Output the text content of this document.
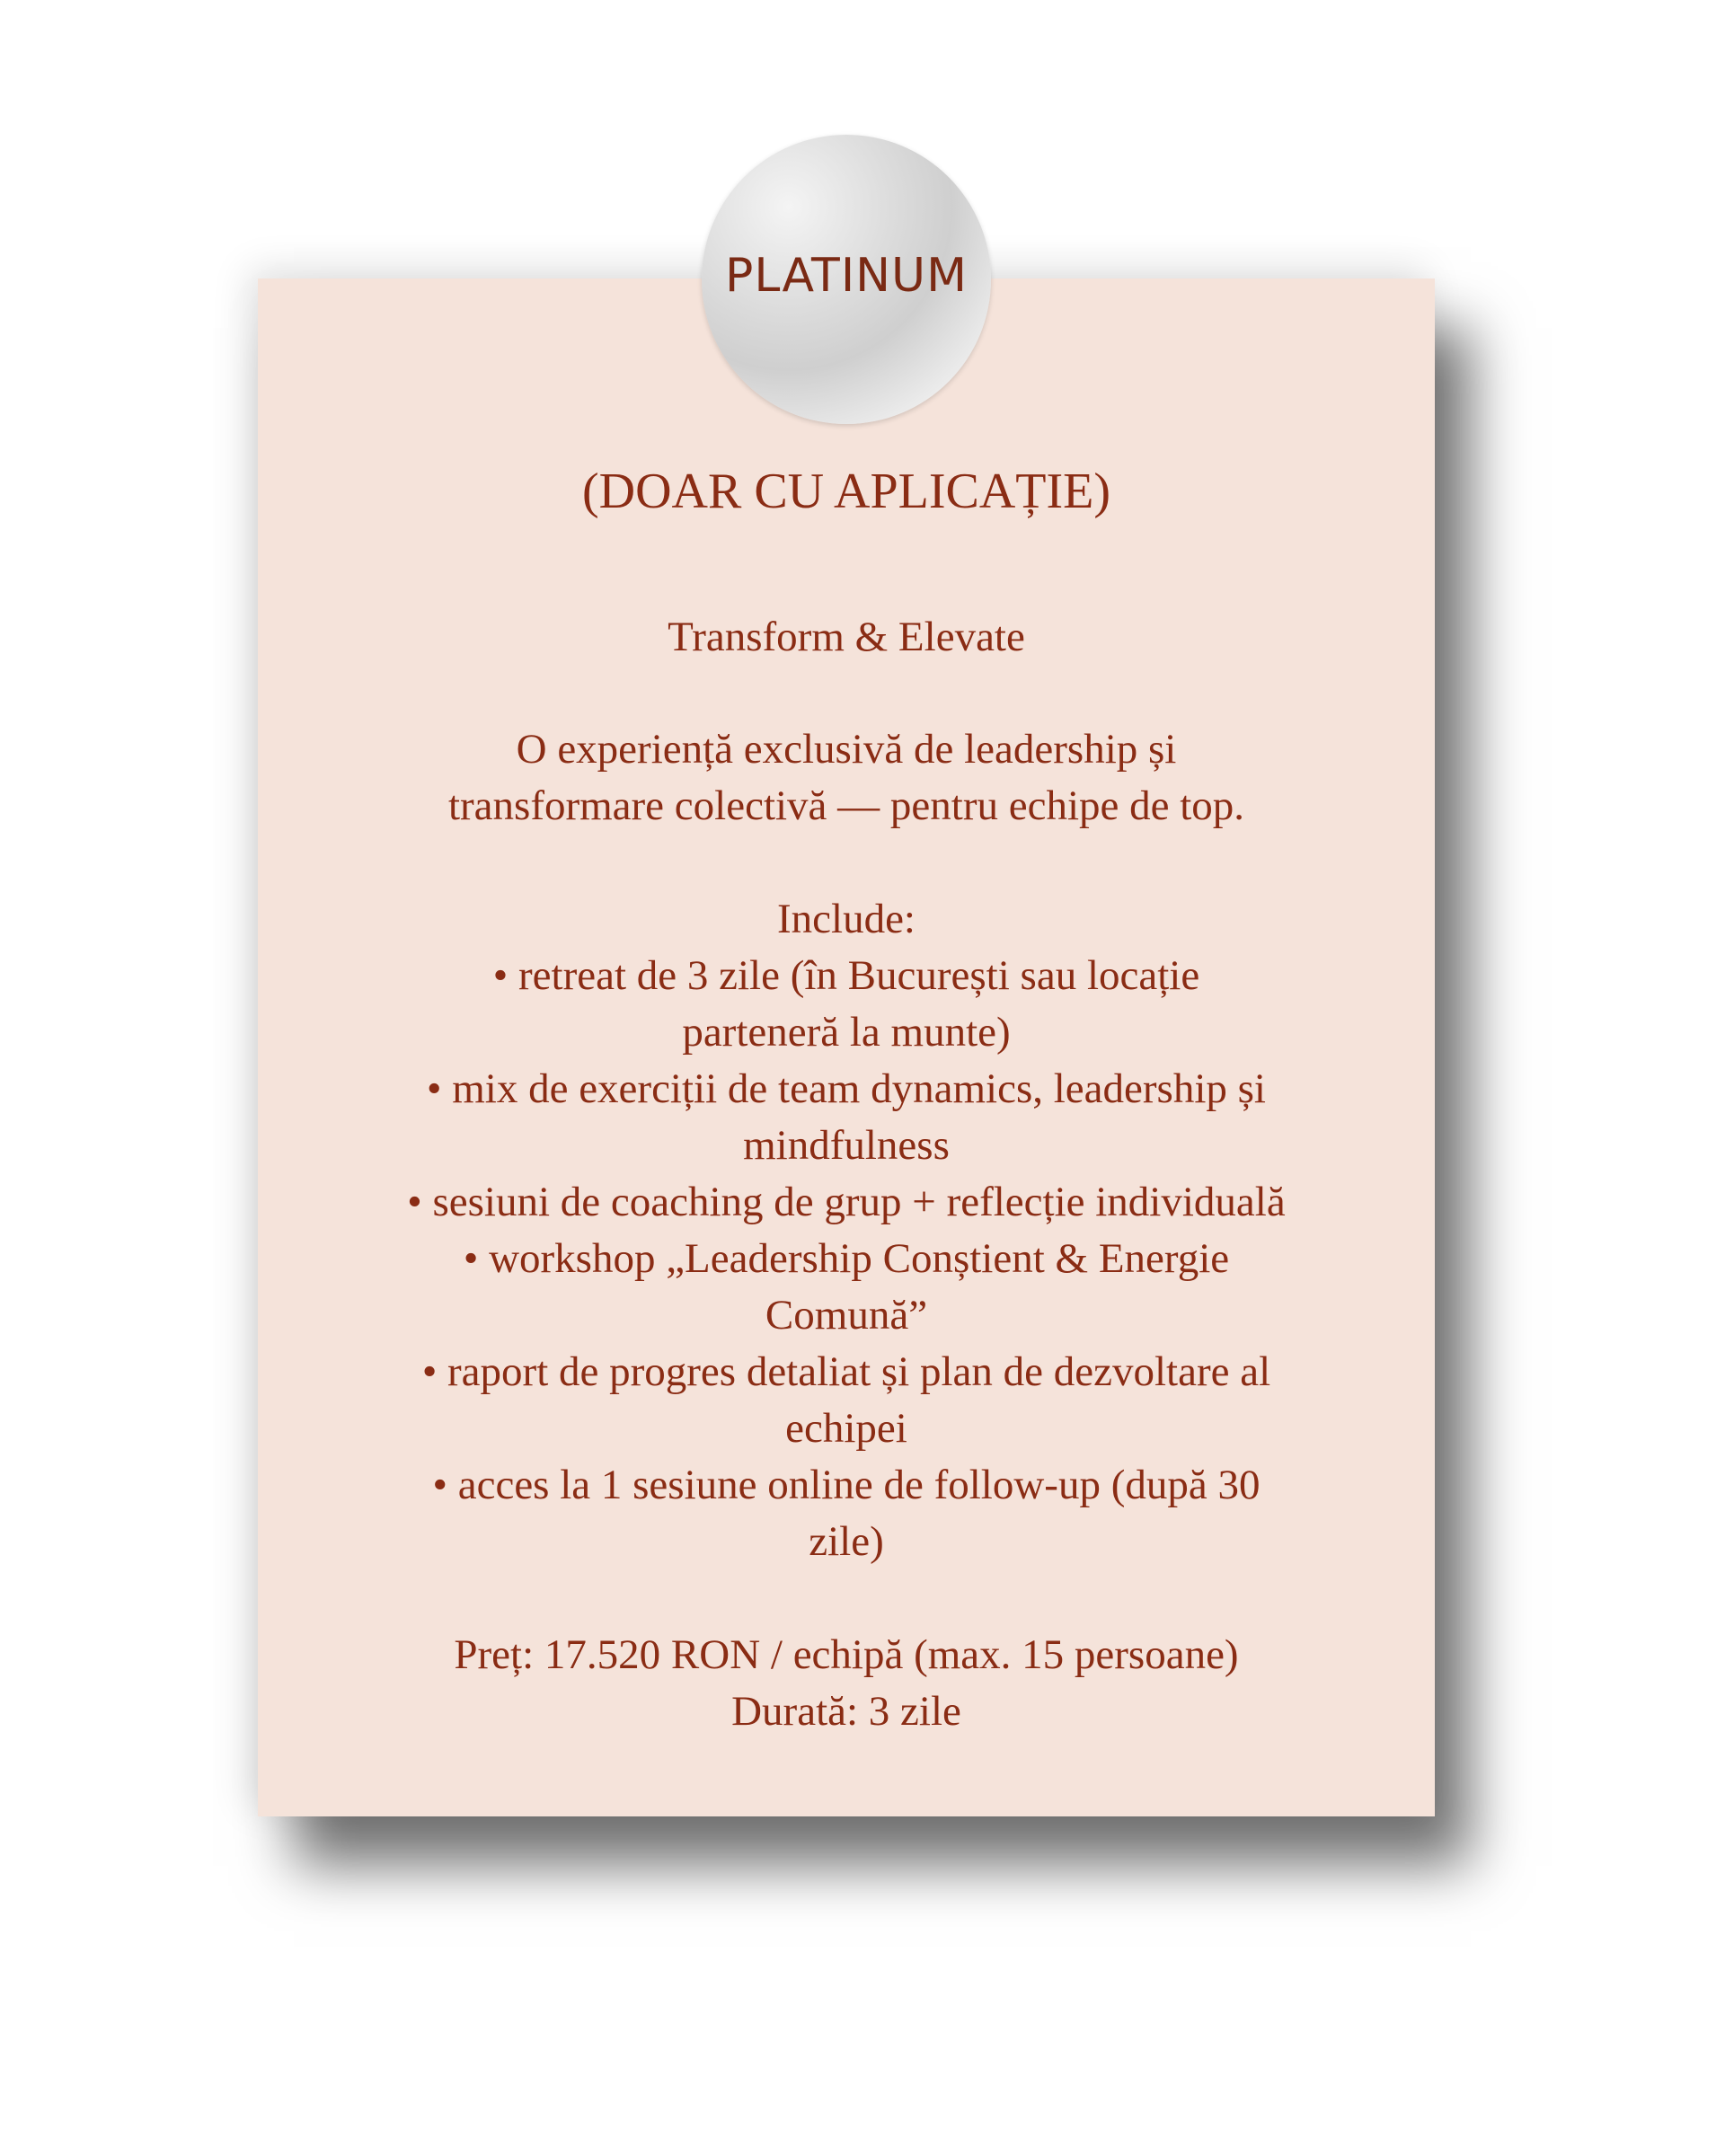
PLATINUM
(DOAR CU APLICAȚIE)
Transform & Elevate
O experiență exclusivă de leadership și
transformare colectivă — pentru echipe de top.
Include:
• retreat de 3 zile (în București sau locație
parteneră la munte)
• mix de exerciții de team dynamics, leadership și
mindfulness
• sesiuni de coaching de grup + reflecție individuală
• workshop „Leadership Conștient & Energie
Comună”
• raport de progres detaliat și plan de dezvoltare al
echipei
• acces la 1 sesiune online de follow-up (după 30
zile)
Preț: 17.520 RON / echipă (max. 15 persoane)
Durată: 3 zile
